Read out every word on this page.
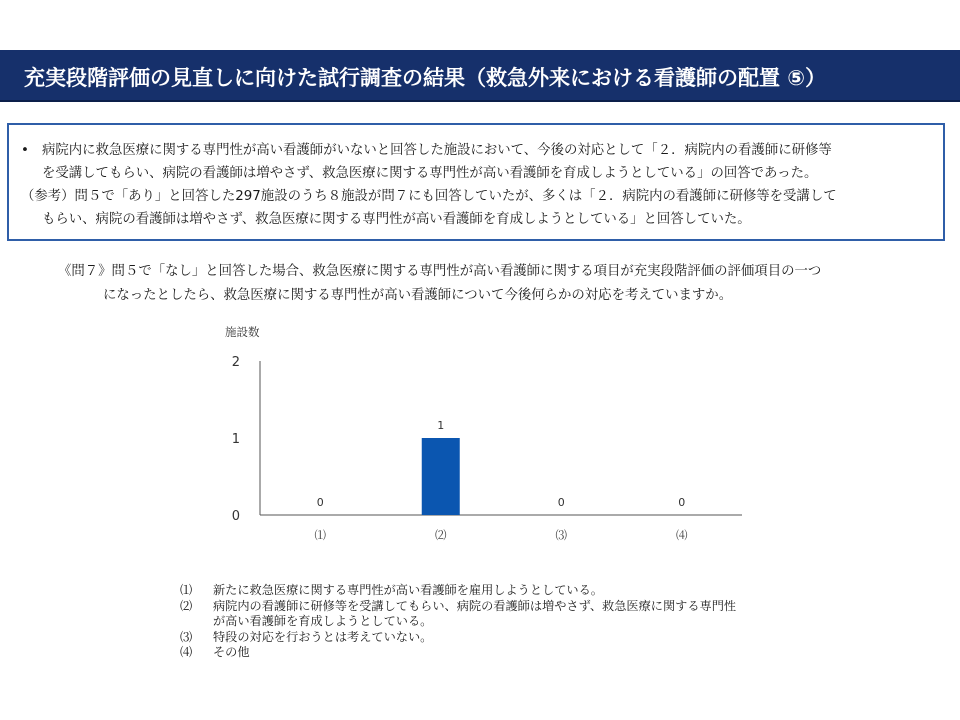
充実段階評価の見直しに向けた試行調査の結果（救急外来における看護師の配置 ⑤）
• 病院内に救急医療に関する専門性が高い看護師がいないと回答した施設において、今後の対応として「２．病院内の看護師に研修等
を受講してもらい、病院の看護師は増やさず、救急医療に関する専門性が高い看護師を育成しようとしている」の回答であった。
（参考）問５で「あり」と回答した297施設のうち８施設が問７にも回答していたが、多くは「２．病院内の看護師に研修等を受講して
もらい、病院の看護師は増やさず、救急医療に関する専門性が高い看護師を育成しようとしている」と回答していた。
《問７》問５で「なし」と回答した場合、救急医療に関する専門性が高い看護師に関する項目が充実段階評価の評価項目の一つ
になったとしたら、救急医療に関する専門性が高い看護師について今後何らかの対応を考えていますか。
施設数
0
1
2
0
⑴
1
⑵
0
⑶
0
⑷
⑴ 新たに救急医療に関する専門性が高い看護師を雇用しようとしている。
⑵ 病院内の看護師に研修等を受講してもらい、病院の看護師は増やさず、救急医療に関する専門性
が高い看護師を育成しようとしている。
⑶ 特段の対応を行おうとは考えていない。
⑷ その他
